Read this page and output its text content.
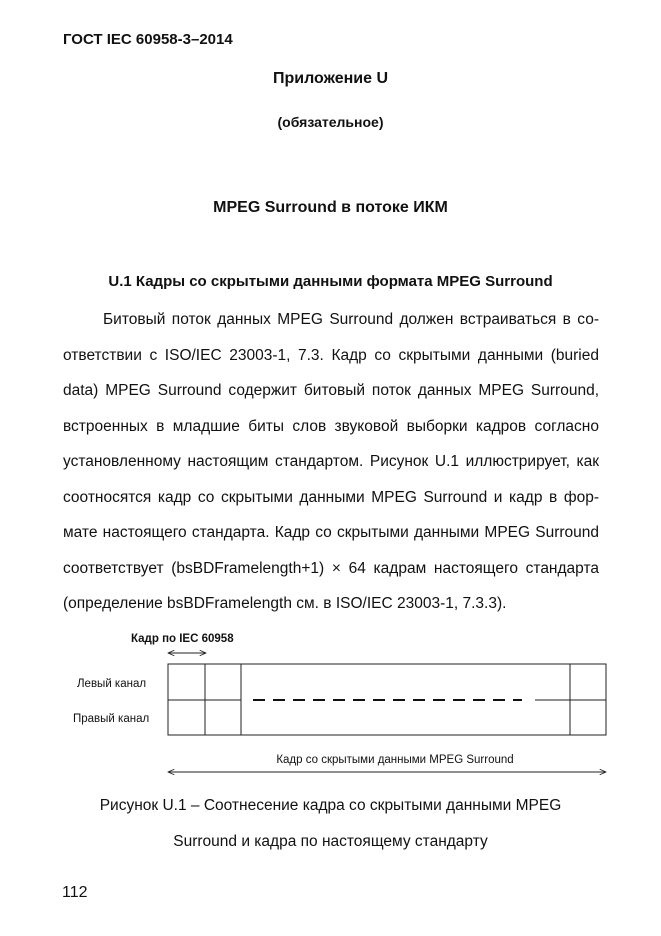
ГОСТ IEC 60958-3–2014
Приложение U
(обязательное)
MPEG Surround в потоке ИКМ
U.1 Кадры со скрытыми данными формата MPEG Surround
Битовый поток данных MPEG Surround должен встраиваться в со-
ответствии с ISO/IEC 23003-1, 7.3. Кадр со скрытыми данными (buried
data) MPEG Surround содержит битовый поток данных MPEG Surround,
встроенных в младшие биты слов звуковой выборки кадров согласно
установленному настоящим стандартом. Рисунок U.1 иллюстрирует, как
соотносятся кадр со скрытыми данными MPEG Surround и кадр в фор-
мате настоящего стандарта. Кадр со скрытыми данными MPEG Surround
соответствует (bsBDFramelength+1) × 64 кадрам настоящего стандарта
(определение bsBDFramelength см. в ISO/IEC 23003-1, 7.3.3).
Кадр по IEC 60958
Левый канал
Правый канал
Кадр со скрытыми данными MPEG Surround
Рисунок U.1 – Соотнесение кадра со скрытыми данными MPEG
Surround и кадра по настоящему стандарту
112
